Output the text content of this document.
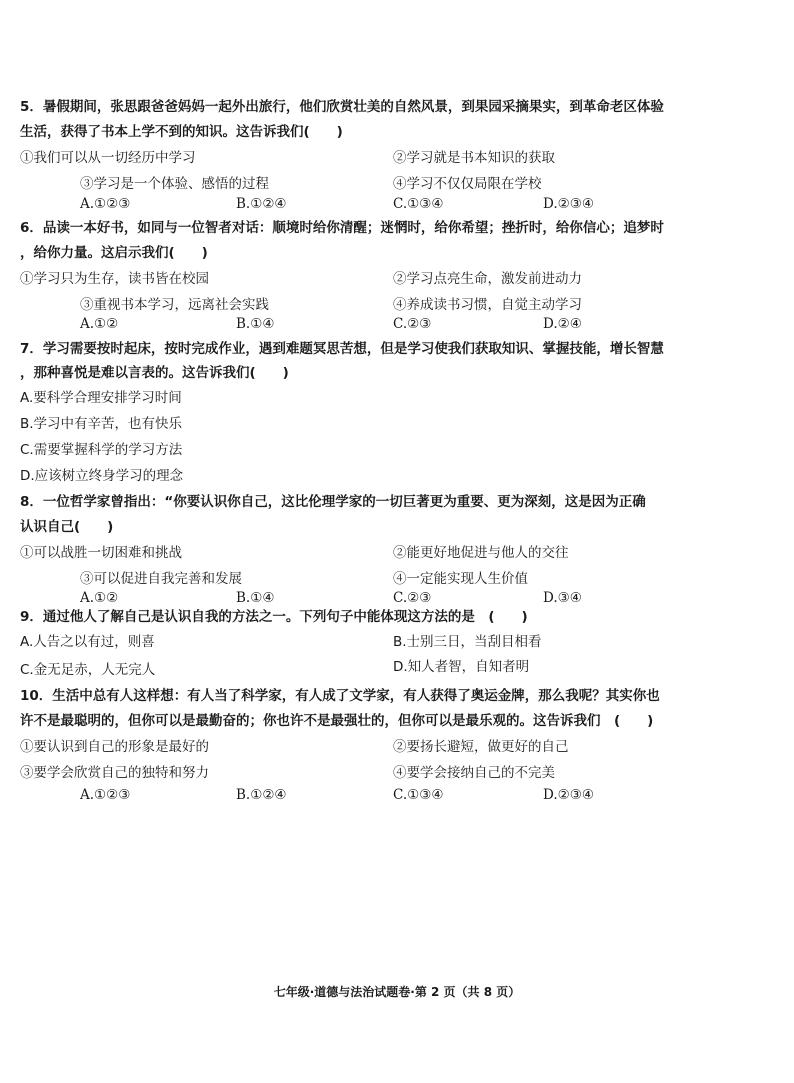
5．暑假期间，张思跟爸爸妈妈一起外出旅行，他们欣赏壮美的自然风景，到果园采摘果实，到革命老区体验
生活，获得了书本上学不到的知识。这告诉我们(　　)
①我们可以从一切经历中学习	②学习就是书本知识的获取
③学习是一个体验、感悟的过程	④学习不仅仅局限在学校
A.①②③	B.①②④	C.①③④	D.②③④
6．品读一本好书，如同与一位智者对话：顺境时给你清醒；迷惘时，给你希望；挫折时，给你信心；追梦时
，给你力量。这启示我们(　　)
①学习只为生存，读书皆在校园	②学习点亮生命，激发前进动力
③重视书本学习，远离社会实践	④养成读书习惯，自觉主动学习
A.①②	B.①④	C.②③	D.②④
7．学习需要按时起床，按时完成作业，遇到难题冥思苦想，但是学习使我们获取知识、掌握技能，增长智慧
，那种喜悦是难以言表的。这告诉我们(　　)
A.要科学合理安排学习时间
B.学习中有辛苦，也有快乐
C.需要掌握科学的学习方法
D.应该树立终身学习的理念
8．一位哲学家曾指出：“你要认识你自己，这比伦理学家的一切巨著更为重要、更为深刻，这是因为正确
认识自己(　　)
①可以战胜一切困难和挑战	②能更好地促进与他人的交往
③可以促进自我完善和发展	④一定能实现人生价值
A.①②	B.①④	C.②③	D.③④
9．通过他人了解自己是认识自我的方法之一。下列句子中能体现这方法的是　(　　)
A.人告之以有过，则喜	B.士别三日，当刮目相看
C.金无足赤，人无完人	D.知人者智，自知者明
10．生活中总有人这样想：有人当了科学家，有人成了文学家，有人获得了奥运金牌，那么我呢？其实你也
许不是最聪明的，但你可以是最勤奋的；你也许不是最强壮的，但你可以是最乐观的。这告诉我们　(　　)
①要认识到自己的形象是最好的	②要扬长避短，做更好的自己
③要学会欣赏自己的独特和努力	④要学会接纳自己的不完美
A.①②③	B.①②④	C.①③④	D.②③④
七年级·道德与法治试题卷·第 2 页（共 8 页）
